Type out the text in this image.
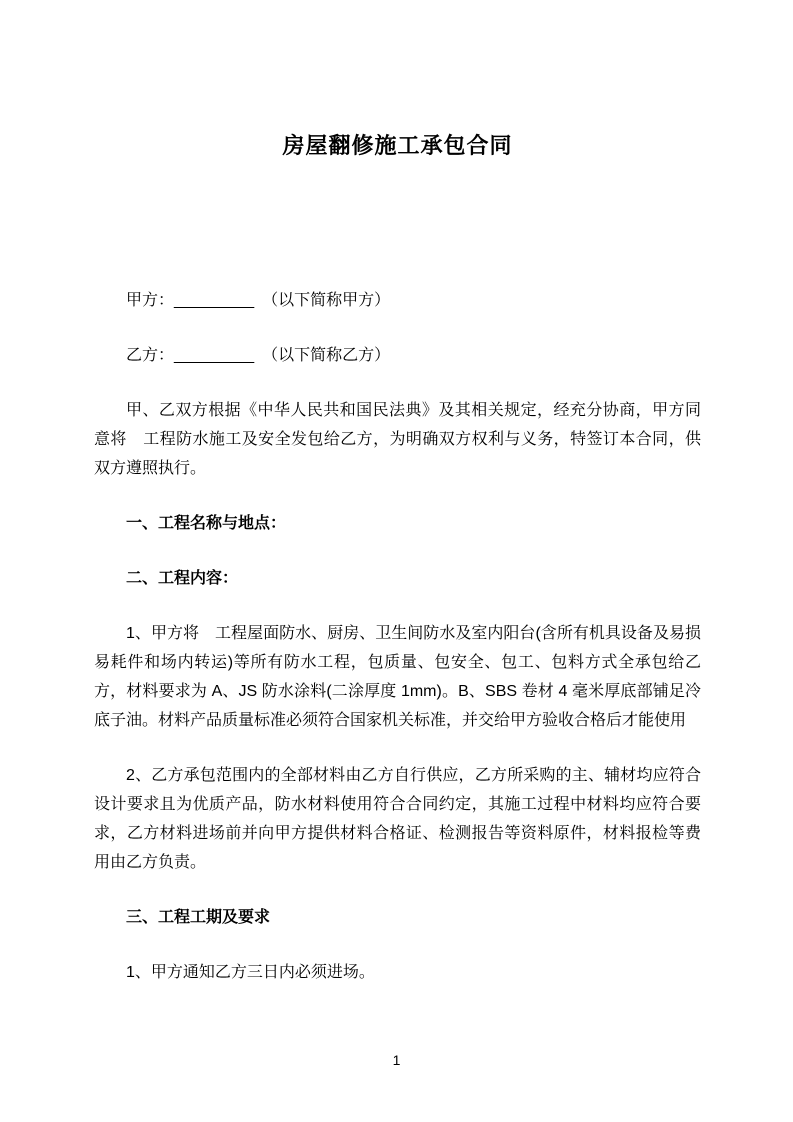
房屋翻修施工承包合同

甲方：_________　（以下简称甲方）

乙方：_________　（以下简称乙方）

甲、乙双方根据《中华人民共和国民法典》及其相关规定，经充分协商，甲方同意将　工程防水施工及安全发包给乙方，为明确双方权利与义务，特签订本合同，供双方遵照执行。

一、工程名称与地点：

二、工程内容：

1、甲方将　工程屋面防水、厨房、卫生间防水及室内阳台(含所有机具设备及易损易耗件和场内转运)等所有防水工程，包质量、包安全、包工、包料方式全承包给乙方，材料要求为 A、JS 防水涂料(二涂厚度 1mm)。B、SBS 卷材 4 毫米厚底部铺足冷底子油。材料产品质量标准必须符合国家机关标准，并交给甲方验收合格后才能使用

2、乙方承包范围内的全部材料由乙方自行供应，乙方所采购的主、辅材均应符合设计要求且为优质产品，防水材料使用符合合同约定，其施工过程中材料均应符合要求，乙方材料进场前并向甲方提供材料合格证、检测报告等资料原件，材料报检等费用由乙方负责。

三、工程工期及要求

1、甲方通知乙方三日内必须进场。

1
